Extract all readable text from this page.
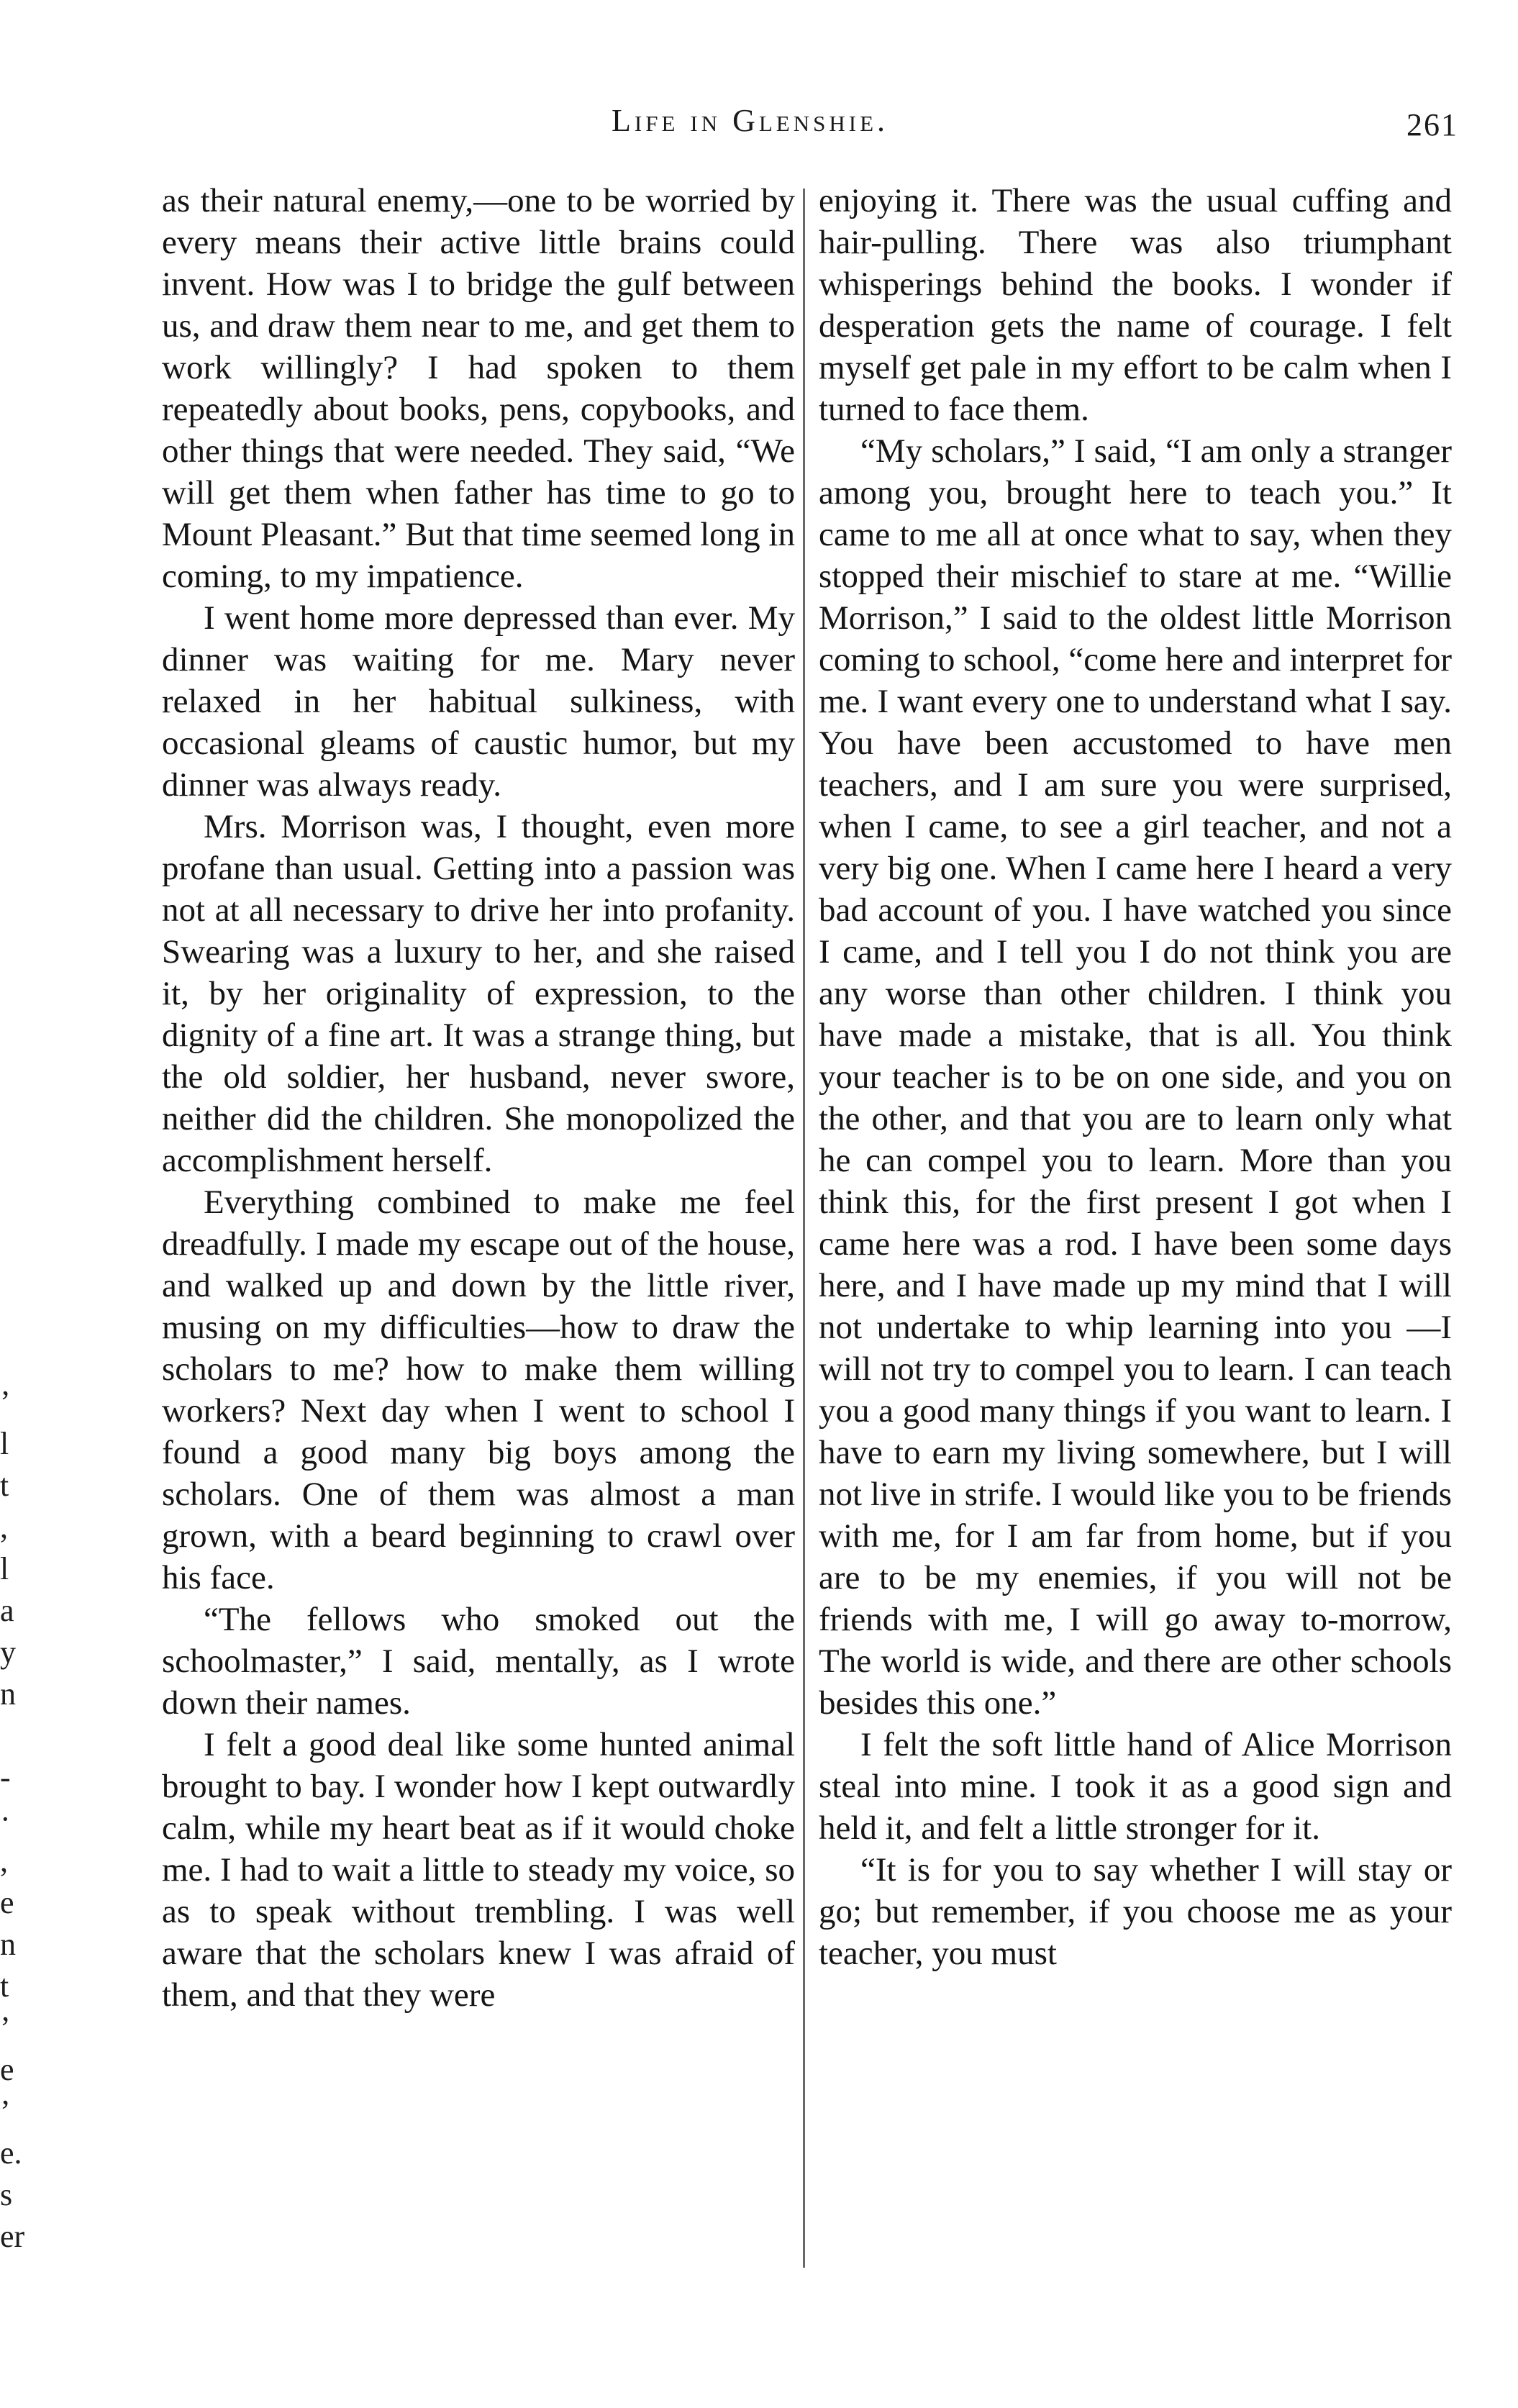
Life in Glenshie.	261

as their natural enemy,—one to be worried by every means their active little brains could invent. How was I to bridge the gulf between us, and draw them near to me, and get them to work willingly? I had spoken to them repeatedly about books, pens, copybooks, and other things that were needed. They said, “We will get them when father has time to go to Mount Pleasant.” But that time seemed long in coming, to my impatience.

I went home more depressed than ever. My dinner was waiting for me. Mary never relaxed in her habitual sulkiness, with occasional gleams of caustic humor, but my dinner was always ready.

Mrs. Morrison was, I thought, even more profane than usual. Getting into a passion was not at all necessary to drive her into profanity. Swearing was a luxury to her, and she raised it, by her originality of expression, to the dignity of a fine art. It was a strange thing, but the old soldier, her husband, never swore, neither did the children. She monopolized the accomplishment herself.

Everything combined to make me feel dreadfully. I made my escape out of the house, and walked up and down by the little river, musing on my difficulties—how to draw the scholars to me? how to make them willing workers? Next day when I went to school I found a good many big boys among the scholars. One of them was almost a man grown, with a beard beginning to crawl over his face.

“The fellows who smoked out the schoolmaster,” I said, mentally, as I wrote down their names.

I felt a good deal like some hunted animal brought to bay. I wonder how I kept outwardly calm, while my heart beat as if it would choke me. I had to wait a little to steady my voice, so as to speak without trembling. I was well aware that the scholars knew I was afraid of them, and that they were

enjoying it. There was the usual cuffing and hair-pulling. There was also triumphant whisperings behind the books. I wonder if desperation gets the name of courage. I felt myself get pale in my effort to be calm when I turned to face them.

“My scholars,” I said, “I am only a stranger among you, brought here to teach you.” It came to me all at once what to say, when they stopped their mischief to stare at me. “Willie Morrison,” I said to the oldest little Morrison coming to school, “come here and interpret for me. I want every one to understand what I say. You have been accustomed to have men teachers, and I am sure you were surprised, when I came, to see a girl teacher, and not a very big one. When I came here I heard a very bad account of you. I have watched you since I came, and I tell you I do not think you are any worse than other children. I think you have made a mistake, that is all. You think your teacher is to be on one side, and you on the other, and that you are to learn only what he can compel you to learn. More than you think this, for the first present I got when I came here was a rod. I have been some days here, and I have made up my mind that I will not undertake to whip learning into you —I will not try to compel you to learn. I can teach you a good many things if you want to learn. I have to earn my living somewhere, but I will not live in strife. I would like you to be friends with me, for I am far from home, but if you are to be my enemies, if you will not be friends with me, I will go away to-morrow, The world is wide, and there are other schools besides this one.”

I felt the soft little hand of Alice Morrison steal into mine. I took it as a good sign and held it, and felt a little stronger for it.

“It is for you to say whether I will stay or go; but remember, if you choose me as your teacher, you must

’
l
t
,
l
a
y
n
-
·
,
e
n
t
’
e
’
e.
s
er
